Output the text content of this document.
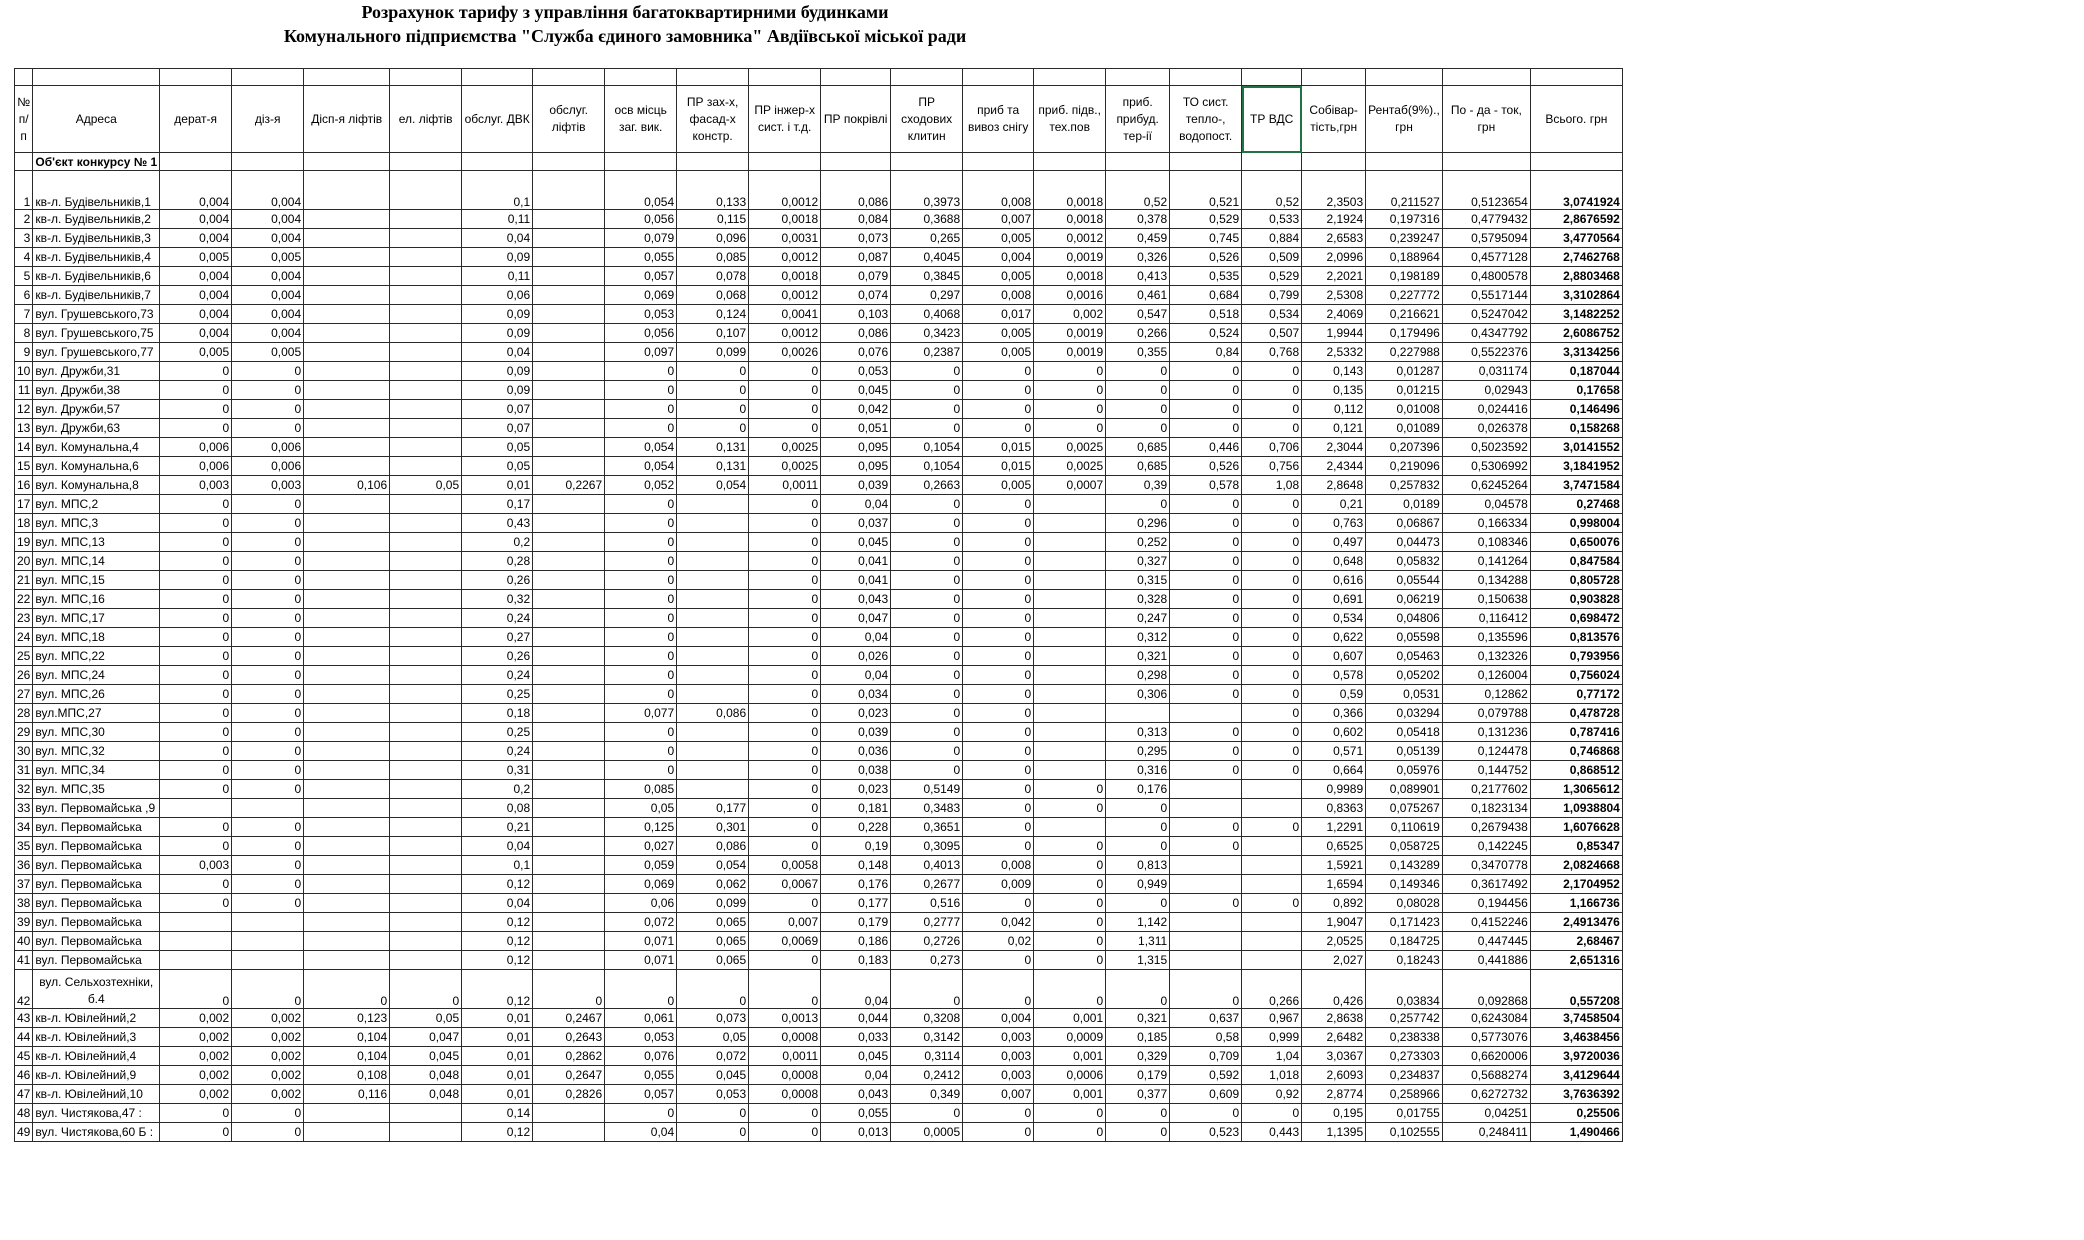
Розрахунок тарифу з управління багатоквартирними будинками
Комунального підприємства "Служба єдиного замовника" Авдіївської міської ради

№ п/п	Адреса	дерат-я	діз-я	Дісп-я ліфтів	ел. ліфтів	обслуг. ДВК	обслуг. ліфтів	осв місць заг. вик.	ПР зах-х, фасад-х констр.	ПР інжер-х сист. і т.д.	ПР покрівлі	ПР сходових клитин	приб та вивоз снігу	приб. підв., тех.пов	приб. прибуд. тер-ії	ТО сист. тепло-, водопост.	ТР ВДС	Собівар-тість,грн	Рентаб(9%)., грн	По - да - ток, грн	Всього. грн
	Об'єкт конкурсу № 1																				
1	кв-л. Будівельників,1	0,004	0,004			0,1		0,054	0,133	0,0012	0,086	0,3973	0,008	0,0018	0,52	0,521	0,52	2,3503	0,211527	0,5123654	3,0741924
2	кв-л. Будівельників,2	0,004	0,004			0,11		0,056	0,115	0,0018	0,084	0,3688	0,007	0,0018	0,378	0,529	0,533	2,1924	0,197316	0,4779432	2,8676592
3	кв-л. Будівельників,3	0,004	0,004			0,04		0,079	0,096	0,0031	0,073	0,265	0,005	0,0012	0,459	0,745	0,884	2,6583	0,239247	0,5795094	3,4770564
4	кв-л. Будівельників,4	0,005	0,005			0,09		0,055	0,085	0,0012	0,087	0,4045	0,004	0,0019	0,326	0,526	0,509	2,0996	0,188964	0,4577128	2,7462768
5	кв-л. Будівельників,6	0,004	0,004			0,11		0,057	0,078	0,0018	0,079	0,3845	0,005	0,0018	0,413	0,535	0,529	2,2021	0,198189	0,4800578	2,8803468
6	кв-л. Будівельників,7	0,004	0,004			0,06		0,069	0,068	0,0012	0,074	0,297	0,008	0,0016	0,461	0,684	0,799	2,5308	0,227772	0,5517144	3,3102864
7	вул. Грушевського,73	0,004	0,004			0,09		0,053	0,124	0,0041	0,103	0,4068	0,017	0,002	0,547	0,518	0,534	2,4069	0,216621	0,5247042	3,1482252
8	вул. Грушевського,75	0,004	0,004			0,09		0,056	0,107	0,0012	0,086	0,3423	0,005	0,0019	0,266	0,524	0,507	1,9944	0,179496	0,4347792	2,6086752
9	вул. Грушевського,77	0,005	0,005			0,04		0,097	0,099	0,0026	0,076	0,2387	0,005	0,0019	0,355	0,84	0,768	2,5332	0,227988	0,5522376	3,3134256
10	вул. Дружби,31	0	0			0,09		0	0	0	0,053	0	0	0	0	0	0	0,143	0,01287	0,031174	0,187044
11	вул. Дружби,38	0	0			0,09		0	0	0	0,045	0	0	0	0	0	0	0,135	0,01215	0,02943	0,17658
12	вул. Дружби,57	0	0			0,07		0	0	0	0,042	0	0	0	0	0	0	0,112	0,01008	0,024416	0,146496
13	вул. Дружби,63	0	0			0,07		0	0	0	0,051	0	0	0	0	0	0	0,121	0,01089	0,026378	0,158268
14	вул. Комунальна,4	0,006	0,006			0,05		0,054	0,131	0,0025	0,095	0,1054	0,015	0,0025	0,685	0,446	0,706	2,3044	0,207396	0,5023592	3,0141552
15	вул. Комунальна,6	0,006	0,006			0,05		0,054	0,131	0,0025	0,095	0,1054	0,015	0,0025	0,685	0,526	0,756	2,4344	0,219096	0,5306992	3,1841952
16	вул. Комунальна,8	0,003	0,003	0,106	0,05	0,01	0,2267	0,052	0,054	0,0011	0,039	0,2663	0,005	0,0007	0,39	0,578	1,08	2,8648	0,257832	0,6245264	3,7471584
17	вул. МПС,2	0	0			0,17		0		0	0,04	0	0		0	0	0	0,21	0,0189	0,04578	0,27468
18	вул. МПС,3	0	0			0,43		0		0	0,037	0	0		0,296	0	0	0,763	0,06867	0,166334	0,998004
19	вул. МПС,13	0	0			0,2		0		0	0,045	0	0		0,252	0	0	0,497	0,04473	0,108346	0,650076
20	вул. МПС,14	0	0			0,28		0		0	0,041	0	0		0,327	0	0	0,648	0,05832	0,141264	0,847584
21	вул. МПС,15	0	0			0,26		0		0	0,041	0	0		0,315	0	0	0,616	0,05544	0,134288	0,805728
22	вул. МПС,16	0	0			0,32		0		0	0,043	0	0		0,328	0	0	0,691	0,06219	0,150638	0,903828
23	вул. МПС,17	0	0			0,24		0		0	0,047	0	0		0,247	0	0	0,534	0,04806	0,116412	0,698472
24	вул. МПС,18	0	0			0,27		0		0	0,04	0	0		0,312	0	0	0,622	0,05598	0,135596	0,813576
25	вул. МПС,22	0	0			0,26		0		0	0,026	0	0		0,321	0	0	0,607	0,05463	0,132326	0,793956
26	вул. МПС,24	0	0			0,24		0		0	0,04	0	0		0,298	0	0	0,578	0,05202	0,126004	0,756024
27	вул. МПС,26	0	0			0,25		0		0	0,034	0	0		0,306	0	0	0,59	0,0531	0,12862	0,77172
28	вул.МПС,27	0	0			0,18		0,077	0,086	0	0,023	0	0				0	0,366	0,03294	0,079788	0,478728
29	вул. МПС,30	0	0			0,25		0		0	0,039	0	0		0,313	0	0	0,602	0,05418	0,131236	0,787416
30	вул. МПС,32	0	0			0,24		0		0	0,036	0	0		0,295	0	0	0,571	0,05139	0,124478	0,746868
31	вул. МПС,34	0	0			0,31		0		0	0,038	0	0		0,316	0	0	0,664	0,05976	0,144752	0,868512
32	вул. МПС,35	0	0			0,2		0,085		0	0,023	0,5149	0	0	0,176			0,9989	0,089901	0,2177602	1,3065612
33	вул. Первомайська ,9					0,08		0,05	0,177	0	0,181	0,3483	0	0	0			0,8363	0,075267	0,1823134	1,0938804
34	вул. Первомайська	0	0			0,21		0,125	0,301	0	0,228	0,3651	0		0	0	0	1,2291	0,110619	0,2679438	1,6076628
35	вул. Первомайська	0	0			0,04		0,027	0,086	0	0,19	0,3095	0	0	0	0		0,6525	0,058725	0,142245	0,85347
36	вул. Первомайська	0,003	0			0,1		0,059	0,054	0,0058	0,148	0,4013	0,008	0	0,813			1,5921	0,143289	0,3470778	2,0824668
37	вул. Первомайська	0	0			0,12		0,069	0,062	0,0067	0,176	0,2677	0,009	0	0,949			1,6594	0,149346	0,3617492	2,1704952
38	вул. Первомайська	0	0			0,04		0,06	0,099	0	0,177	0,516	0	0	0	0	0	0,892	0,08028	0,194456	1,166736
39	вул. Первомайська					0,12		0,072	0,065	0,007	0,179	0,2777	0,042	0	1,142			1,9047	0,171423	0,4152246	2,4913476
40	вул. Первомайська					0,12		0,071	0,065	0,0069	0,186	0,2726	0,02	0	1,311			2,0525	0,184725	0,447445	2,68467
41	вул. Первомайська					0,12		0,071	0,065	0	0,183	0,273	0	0	1,315			2,027	0,18243	0,441886	2,651316
42	вул. Сельхозтехніки, б.4	0	0	0	0	0,12	0	0	0	0	0,04	0	0	0	0	0	0,266	0,426	0,03834	0,092868	0,557208
43	кв-л. Ювілейний,2	0,002	0,002	0,123	0,05	0,01	0,2467	0,061	0,073	0,0013	0,044	0,3208	0,004	0,001	0,321	0,637	0,967	2,8638	0,257742	0,6243084	3,7458504
44	кв-л. Ювілейний,3	0,002	0,002	0,104	0,047	0,01	0,2643	0,053	0,05	0,0008	0,033	0,3142	0,003	0,0009	0,185	0,58	0,999	2,6482	0,238338	0,5773076	3,4638456
45	кв-л. Ювілейний,4	0,002	0,002	0,104	0,045	0,01	0,2862	0,076	0,072	0,0011	0,045	0,3114	0,003	0,001	0,329	0,709	1,04	3,0367	0,273303	0,6620006	3,9720036
46	кв-л. Ювілейний,9	0,002	0,002	0,108	0,048	0,01	0,2647	0,055	0,045	0,0008	0,04	0,2412	0,003	0,0006	0,179	0,592	1,018	2,6093	0,234837	0,5688274	3,4129644
47	кв-л. Ювілейний,10	0,002	0,002	0,116	0,048	0,01	0,2826	0,057	0,053	0,0008	0,043	0,349	0,007	0,001	0,377	0,609	0,92	2,8774	0,258966	0,6272732	3,7636392
48	вул. Чистякова,47 :	0	0			0,14		0	0	0	0,055	0	0	0	0	0	0	0,195	0,01755	0,04251	0,25506
49	вул. Чистякова,60 Б :	0	0			0,12		0,04	0	0	0,013	0,0005	0	0	0	0,523	0,443	1,1395	0,102555	0,248411	1,490466
